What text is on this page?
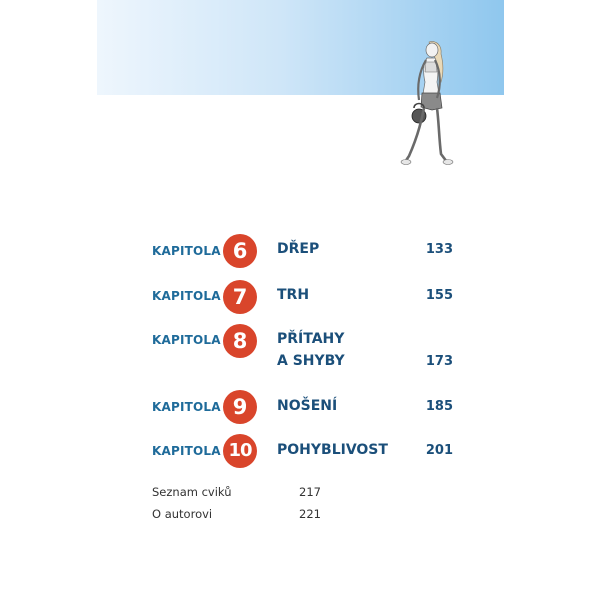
KAPITOLA 6	DŘEP	133
KAPITOLA 7	TRH	155
KAPITOLA 8	PŘÍTAHY
A SHYBY	173
KAPITOLA 9	NOŠENÍ	185
KAPITOLA 10	POHYBLIVOST	201
Seznam cviků	217
O autorovi	221
